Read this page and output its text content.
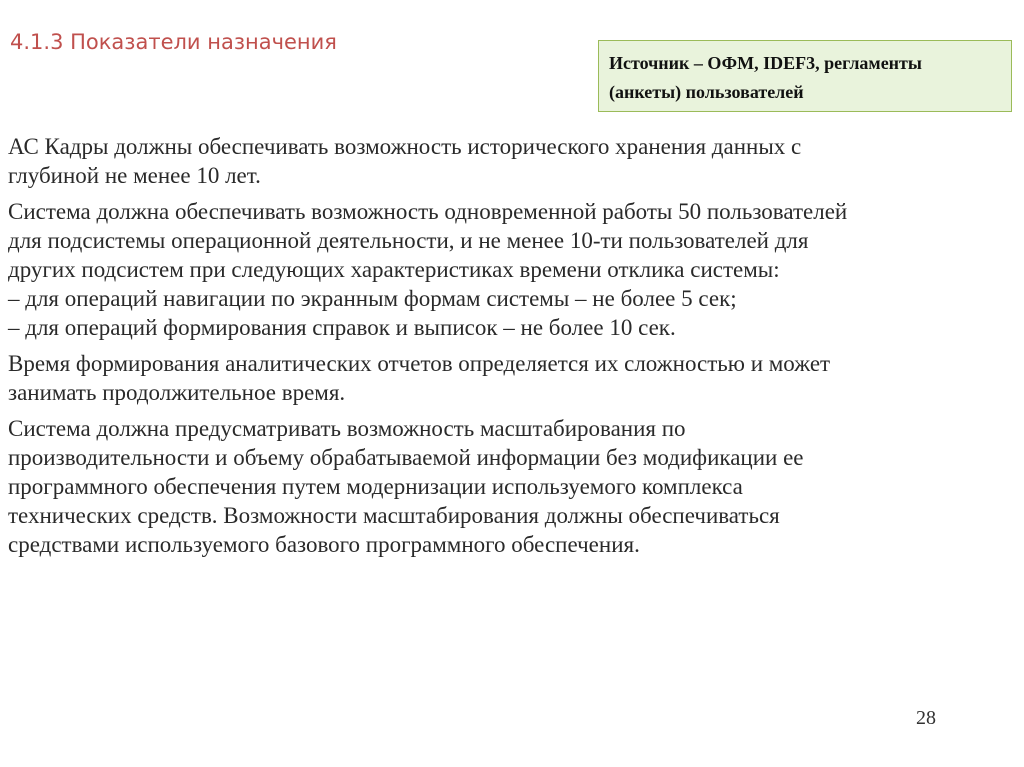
4.1.3 Показатели назначения
Источник – ОФМ, IDEF3, регламенты
(анкеты) пользователей

АС Кадры должны обеспечивать возможность исторического хранения данных с
глубиной не менее 10 лет.

Система должна обеспечивать возможность одновременной работы 50 пользователей
для подсистемы операционной деятельности, и не менее 10-ти пользователей для
других подсистем при следующих характеристиках времени отклика системы:
– для операций навигации по экранным формам системы – не более 5 сек;
– для операций формирования справок и выписок – не более 10 сек.

Время формирования аналитических отчетов определяется их сложностью и может
занимать продолжительное время.

Система должна предусматривать возможность масштабирования по
производительности и объему обрабатываемой информации без модификации ее
программного обеспечения путем модернизации используемого комплекса
технических средств. Возможности масштабирования должны обеспечиваться
средствами используемого базового программного обеспечения.

28
